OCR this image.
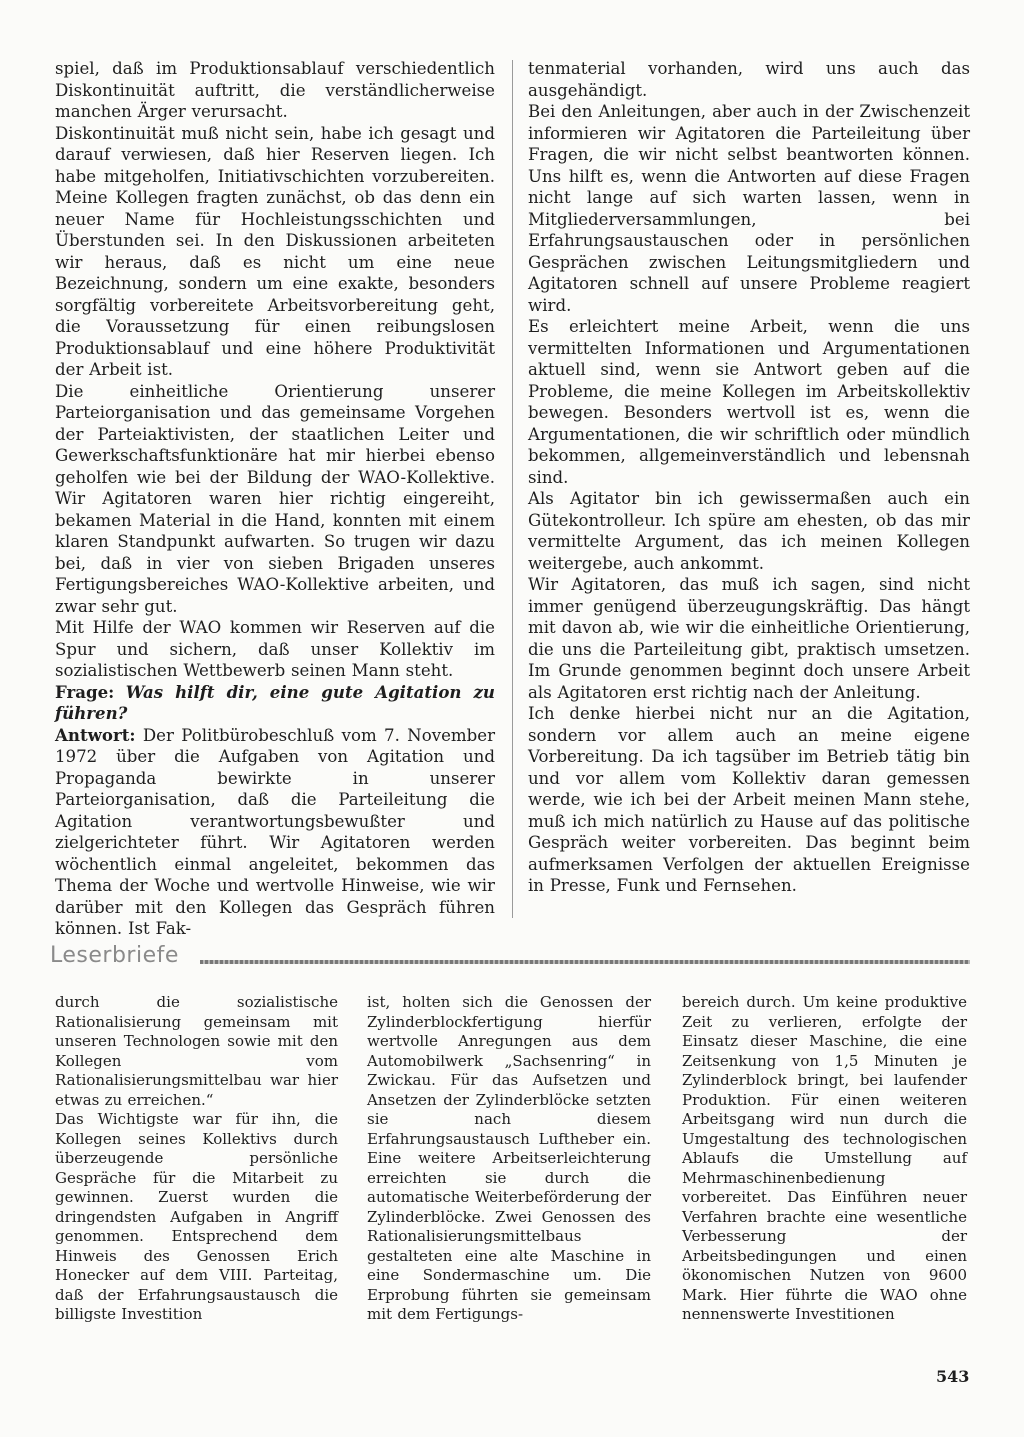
spiel, daß im Produktionsablauf verschiedentlich Diskontinuität auftritt, die verständlicherweise manchen Ärger verursacht.

Diskontinuität muß nicht sein, habe ich gesagt und darauf verwiesen, daß hier Reserven liegen. Ich habe mitgeholfen, Initiativschichten vorzubereiten. Meine Kollegen fragten zunächst, ob das denn ein neuer Name für Hochleistungsschichten und Überstunden sei. In den Diskussionen arbeiteten wir heraus, daß es nicht um eine neue Bezeichnung, sondern um eine exakte, besonders sorgfältig vorbereitete Arbeitsvorbereitung geht, die Voraussetzung für einen reibungslosen Produktionsablauf und eine höhere Produktivität der Arbeit ist.

Die einheitliche Orientierung unserer Parteiorganisation und das gemeinsame Vorgehen der Parteiaktivisten, der staatlichen Leiter und Gewerkschaftsfunktionäre hat mir hierbei ebenso geholfen wie bei der Bildung der WAO-Kollektive. Wir Agitatoren waren hier richtig eingereiht, bekamen Material in die Hand, konnten mit einem klaren Standpunkt aufwarten. So trugen wir dazu bei, daß in vier von sieben Brigaden unseres Fertigungsbereiches WAO-Kollektive arbeiten, und zwar sehr gut.

Mit Hilfe der WAO kommen wir Reserven auf die Spur und sichern, daß unser Kollektiv im sozialistischen Wettbewerb seinen Mann steht.

Frage: Was hilft dir, eine gute Agitation zu führen?

Antwort: Der Politbürobeschluß vom 7. November 1972 über die Aufgaben von Agitation und Propaganda bewirkte in unserer Parteiorganisation, daß die Parteileitung die Agitation verantwortungsbewußter und zielgerichteter führt. Wir Agitatoren werden wöchentlich einmal angeleitet, bekommen das Thema der Woche und wertvolle Hinweise, wie wir darüber mit den Kollegen das Gespräch führen können. Ist Fak-

tenmaterial vorhanden, wird uns auch das ausgehändigt.

Bei den Anleitungen, aber auch in der Zwischenzeit informieren wir Agitatoren die Parteileitung über Fragen, die wir nicht selbst beantworten können. Uns hilft es, wenn die Antworten auf diese Fragen nicht lange auf sich warten lassen, wenn in Mitgliederversammlungen, bei Erfahrungsaustauschen oder in persönlichen Gesprächen zwischen Leitungsmitgliedern und Agitatoren schnell auf unsere Probleme reagiert wird.

Es erleichtert meine Arbeit, wenn die uns vermittelten Informationen und Argumentationen aktuell sind, wenn sie Antwort geben auf die Probleme, die meine Kollegen im Arbeitskollektiv bewegen. Besonders wertvoll ist es, wenn die Argumentationen, die wir schriftlich oder mündlich bekommen, allgemeinverständlich und lebensnah sind.

Als Agitator bin ich gewissermaßen auch ein Gütekontrolleur. Ich spüre am ehesten, ob das mir vermittelte Argument, das ich meinen Kollegen weitergebe, auch ankommt.

Wir Agitatoren, das muß ich sagen, sind nicht immer genügend überzeugungskräftig. Das hängt mit davon ab, wie wir die einheitliche Orientierung, die uns die Parteileitung gibt, praktisch umsetzen. Im Grunde genommen beginnt doch unsere Arbeit als Agitatoren erst richtig nach der Anleitung.

Ich denke hierbei nicht nur an die Agitation, sondern vor allem auch an meine eigene Vorbereitung. Da ich tagsüber im Betrieb tätig bin und vor allem vom Kollektiv daran gemessen werde, wie ich bei der Arbeit meinen Mann stehe, muß ich mich natürlich zu Hause auf das politische Gespräch weiter vorbereiten. Das beginnt beim aufmerksamen Verfolgen der aktuellen Ereignisse in Presse, Funk und Fernsehen.

Leserbriefe

durch die sozialistische Rationalisierung gemeinsam mit unseren Technologen sowie mit den Kollegen vom Rationalisierungsmittelbau war hier etwas zu erreichen.“

Das Wichtigste war für ihn, die Kollegen seines Kollektivs durch überzeugende persönliche Gespräche für die Mitarbeit zu gewinnen. Zuerst wurden die dringendsten Aufgaben in Angriff genommen. Entsprechend dem Hinweis des Genossen Erich Honecker auf dem VIII. Parteitag, daß der Erfahrungsaustausch die billigste Investition

ist, holten sich die Genossen der Zylinderblockfertigung hierfür wertvolle Anregungen aus dem Automobilwerk „Sachsenring“ in Zwickau. Für das Aufsetzen und Ansetzen der Zylinderblöcke setzten sie nach diesem Erfahrungsaustausch Luftheber ein. Eine weitere Arbeitserleichterung erreichten sie durch die automatische Weiterbeförderung der Zylinderblöcke. Zwei Genossen des Rationalisierungsmittelbaus gestalteten eine alte Maschine in eine Sondermaschine um. Die Erprobung führten sie gemeinsam mit dem Fertigungs-

bereich durch. Um keine produktive Zeit zu verlieren, erfolgte der Einsatz dieser Maschine, die eine Zeitsenkung von 1,5 Minuten je Zylinderblock bringt, bei laufender Produktion. Für einen weiteren Arbeitsgang wird nun durch die Umgestaltung des technologischen Ablaufs die Umstellung auf Mehrmaschinenbedienung vorbereitet. Das Einführen neuer Verfahren brachte eine wesentliche Verbesserung der Arbeitsbedingungen und einen ökonomischen Nutzen von 9600 Mark. Hier führte die WAO ohne nennenswerte Investitionen

543
